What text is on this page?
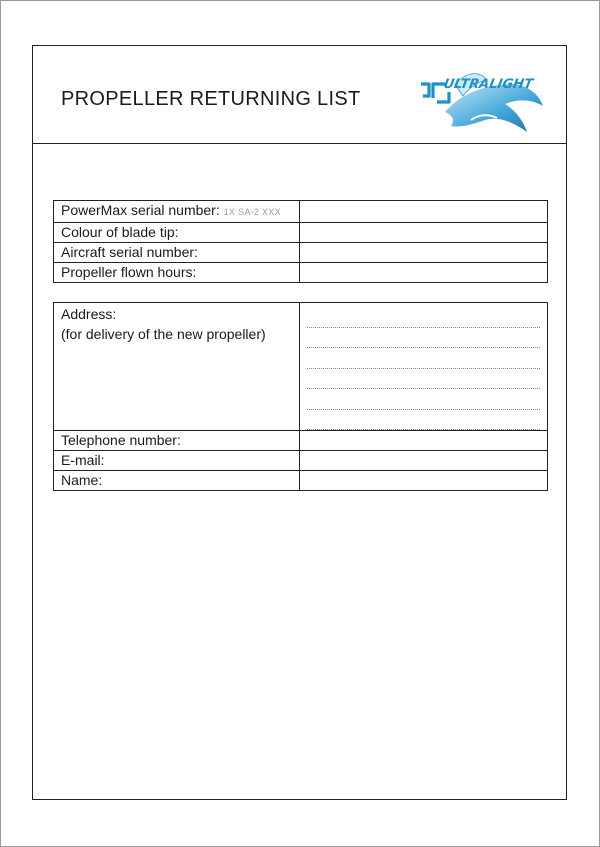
PROPELLER RETURNING LIST
ULTRALIGHT
PowerMax serial number: 1X SA-2 XXX	
Colour of blade tip:	
Aircraft serial number:	
Propeller flown hours:	
Address:
(for delivery of the new propeller)	

Telephone number:	
E-mail:	
Name:	
